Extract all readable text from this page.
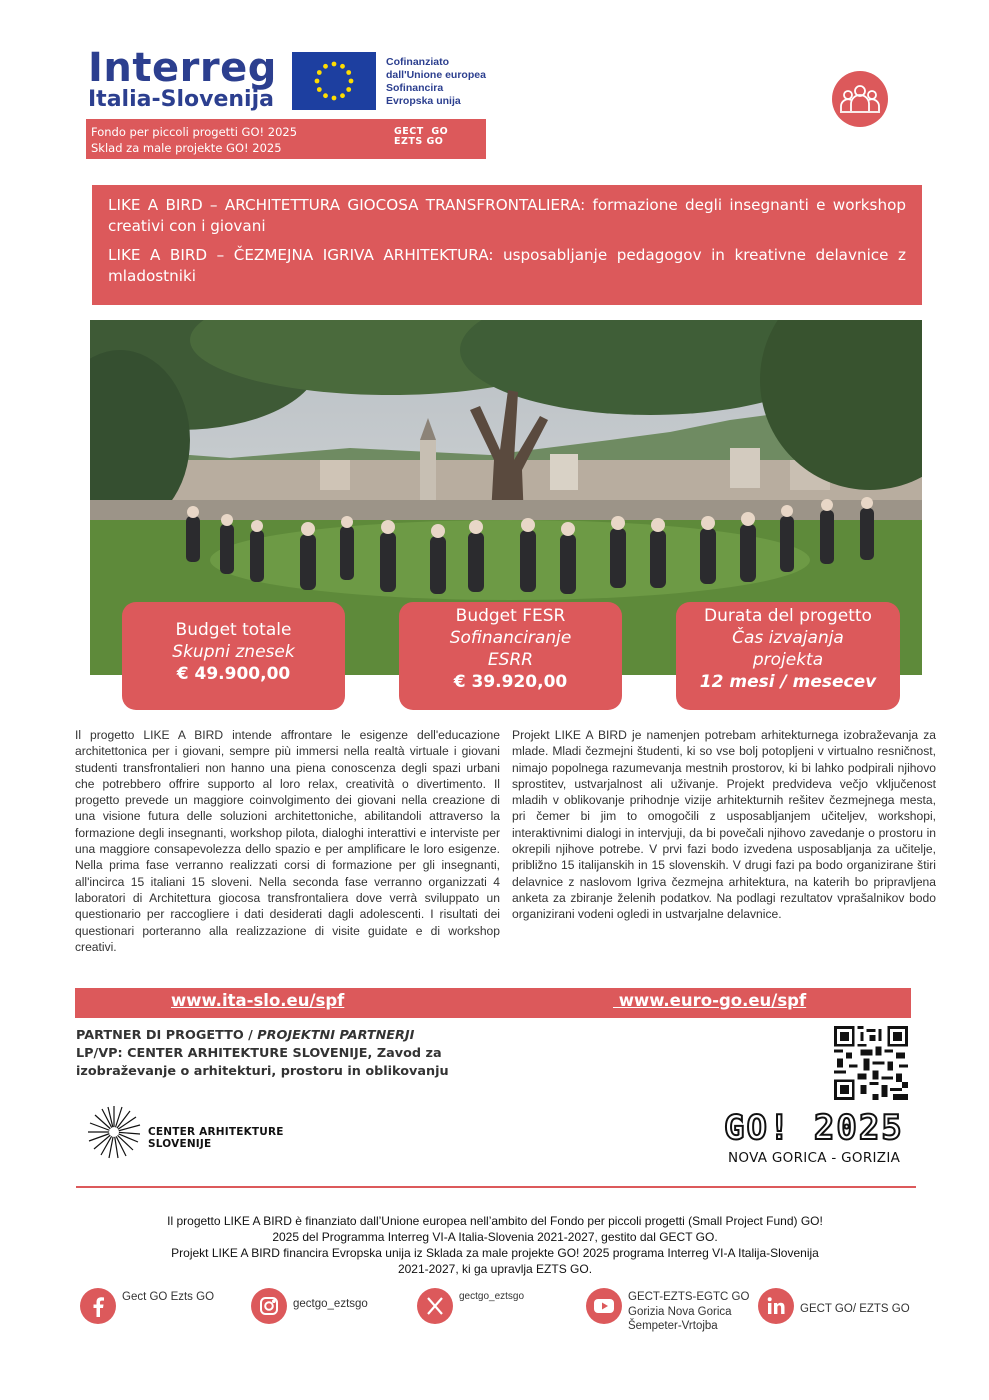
Interreg
Italia-Slovenija
Cofinanziato
dall'Unione europea
Sofinancira
Evropska unija
Fondo per piccoli progetti GO! 2025
Sklad za male projekte GO! 2025
GECT  GO
EZTS GO
LIKE A BIRD – ARCHITETTURA GIOCOSA TRANSFRONTALIERA: formazione degli insegnanti e workshop creativi con i giovani
LIKE A BIRD – ČEZMEJNA IGRIVA ARHITEKTURA: usposabljanje pedagogov in kreativne delavnice z mladostniki
Budget totale
Skupni znesek
€ 49.900,00
Budget FESR
Sofinanciranje
ESRR
€ 39.920,00
Durata del progetto
Čas izvajanja
projekta
12 mesi / mesecev
Il progetto LIKE A BIRD intende affrontare le esigenze dell'educazione architettonica per i giovani, sempre più immersi nella realtà virtuale i giovani studenti transfrontalieri non hanno una piena conoscenza degli spazi urbani che potrebbero offrire supporto al loro relax, creatività o divertimento. Il progetto prevede un maggiore coinvolgimento dei giovani nella creazione di una visione futura delle soluzioni architettoniche, abilitandoli attraverso la formazione degli insegnanti, workshop pilota, dialoghi interattivi e interviste per una maggiore consapevolezza dello spazio e per amplificare le loro esigenze. Nella prima fase verranno realizzati corsi di formazione per gli insegnanti, all'incirca 15 italiani 15 sloveni. Nella seconda fase verranno organizzati 4 laboratori di Architettura giocosa transfrontaliera dove verrà sviluppato un questionario per raccogliere i dati desiderati dagli adolescenti. I risultati dei questionari porteranno alla realizzazione di visite guidate e di workshop creativi.
Projekt LIKE A BIRD je namenjen potrebam arhitekturnega izobraževanja za mlade. Mladi čezmejni študenti, ki so vse bolj potopljeni v virtualno resničnost, nimajo popolnega razumevanja mestnih prostorov, ki bi lahko podpirali njihovo sprostitev, ustvarjalnost ali uživanje. Projekt predvideva večjo vključenost mladih v oblikovanje prihodnje vizije arhitekturnih rešitev čezmejnega mesta, pri čemer bi jim to omogočili z usposabljanjem učiteljev, workshopi, interaktivnimi dialogi in intervjuji, da bi povečali njihovo zavedanje o prostoru in okrepili njihove potrebe. V prvi fazi bodo izvedena usposabljanja za učitelje, približno 15 italijanskih in 15 slovenskih. V drugi fazi pa bodo organizirane štiri delavnice z naslovom Igriva čezmejna arhitektura, na katerih bo pripravljena anketa za zbiranje želenih podatkov. Na podlagi rezultatov vprašalnikov bodo organizirani vodeni ogledi in ustvarjalne delavnice.
www.ita-slo.eu/spf	www.euro-go.eu/spf
PARTNER DI PROGETTO / PROJEKTNI PARTNERJI
LP/VP: CENTER ARHITEKTURE SLOVENIJE, Zavod za
izobraževanje o arhitekturi, prostoru in oblikovanju
CENTER ARHITEKTURE SLOVENIJE	GO! 2025
NOVA GORICA - GORIZIA
Il progetto LIKE A BIRD è finanziato dall’Unione europea nell’ambito del Fondo per piccoli progetti (Small Project Fund) GO!
2025 del Programma Interreg VI-A Italia-Slovenia 2021-2027, gestito dal GECT GO.
Projekt LIKE A BIRD financira Evropska unija iz Sklada za male projekte GO! 2025 programa Interreg VI-A Italija-Slovenija
2021-2027, ki ga upravlja EZTS GO.
Gect GO Ezts GO
gectgo_eztsgo
gectgo_eztsgo	GECT-EZTS-EGTC GO
Gorizia Nova Gorica
Šempeter-Vrtojba
GECT GO/ EZTS GO
